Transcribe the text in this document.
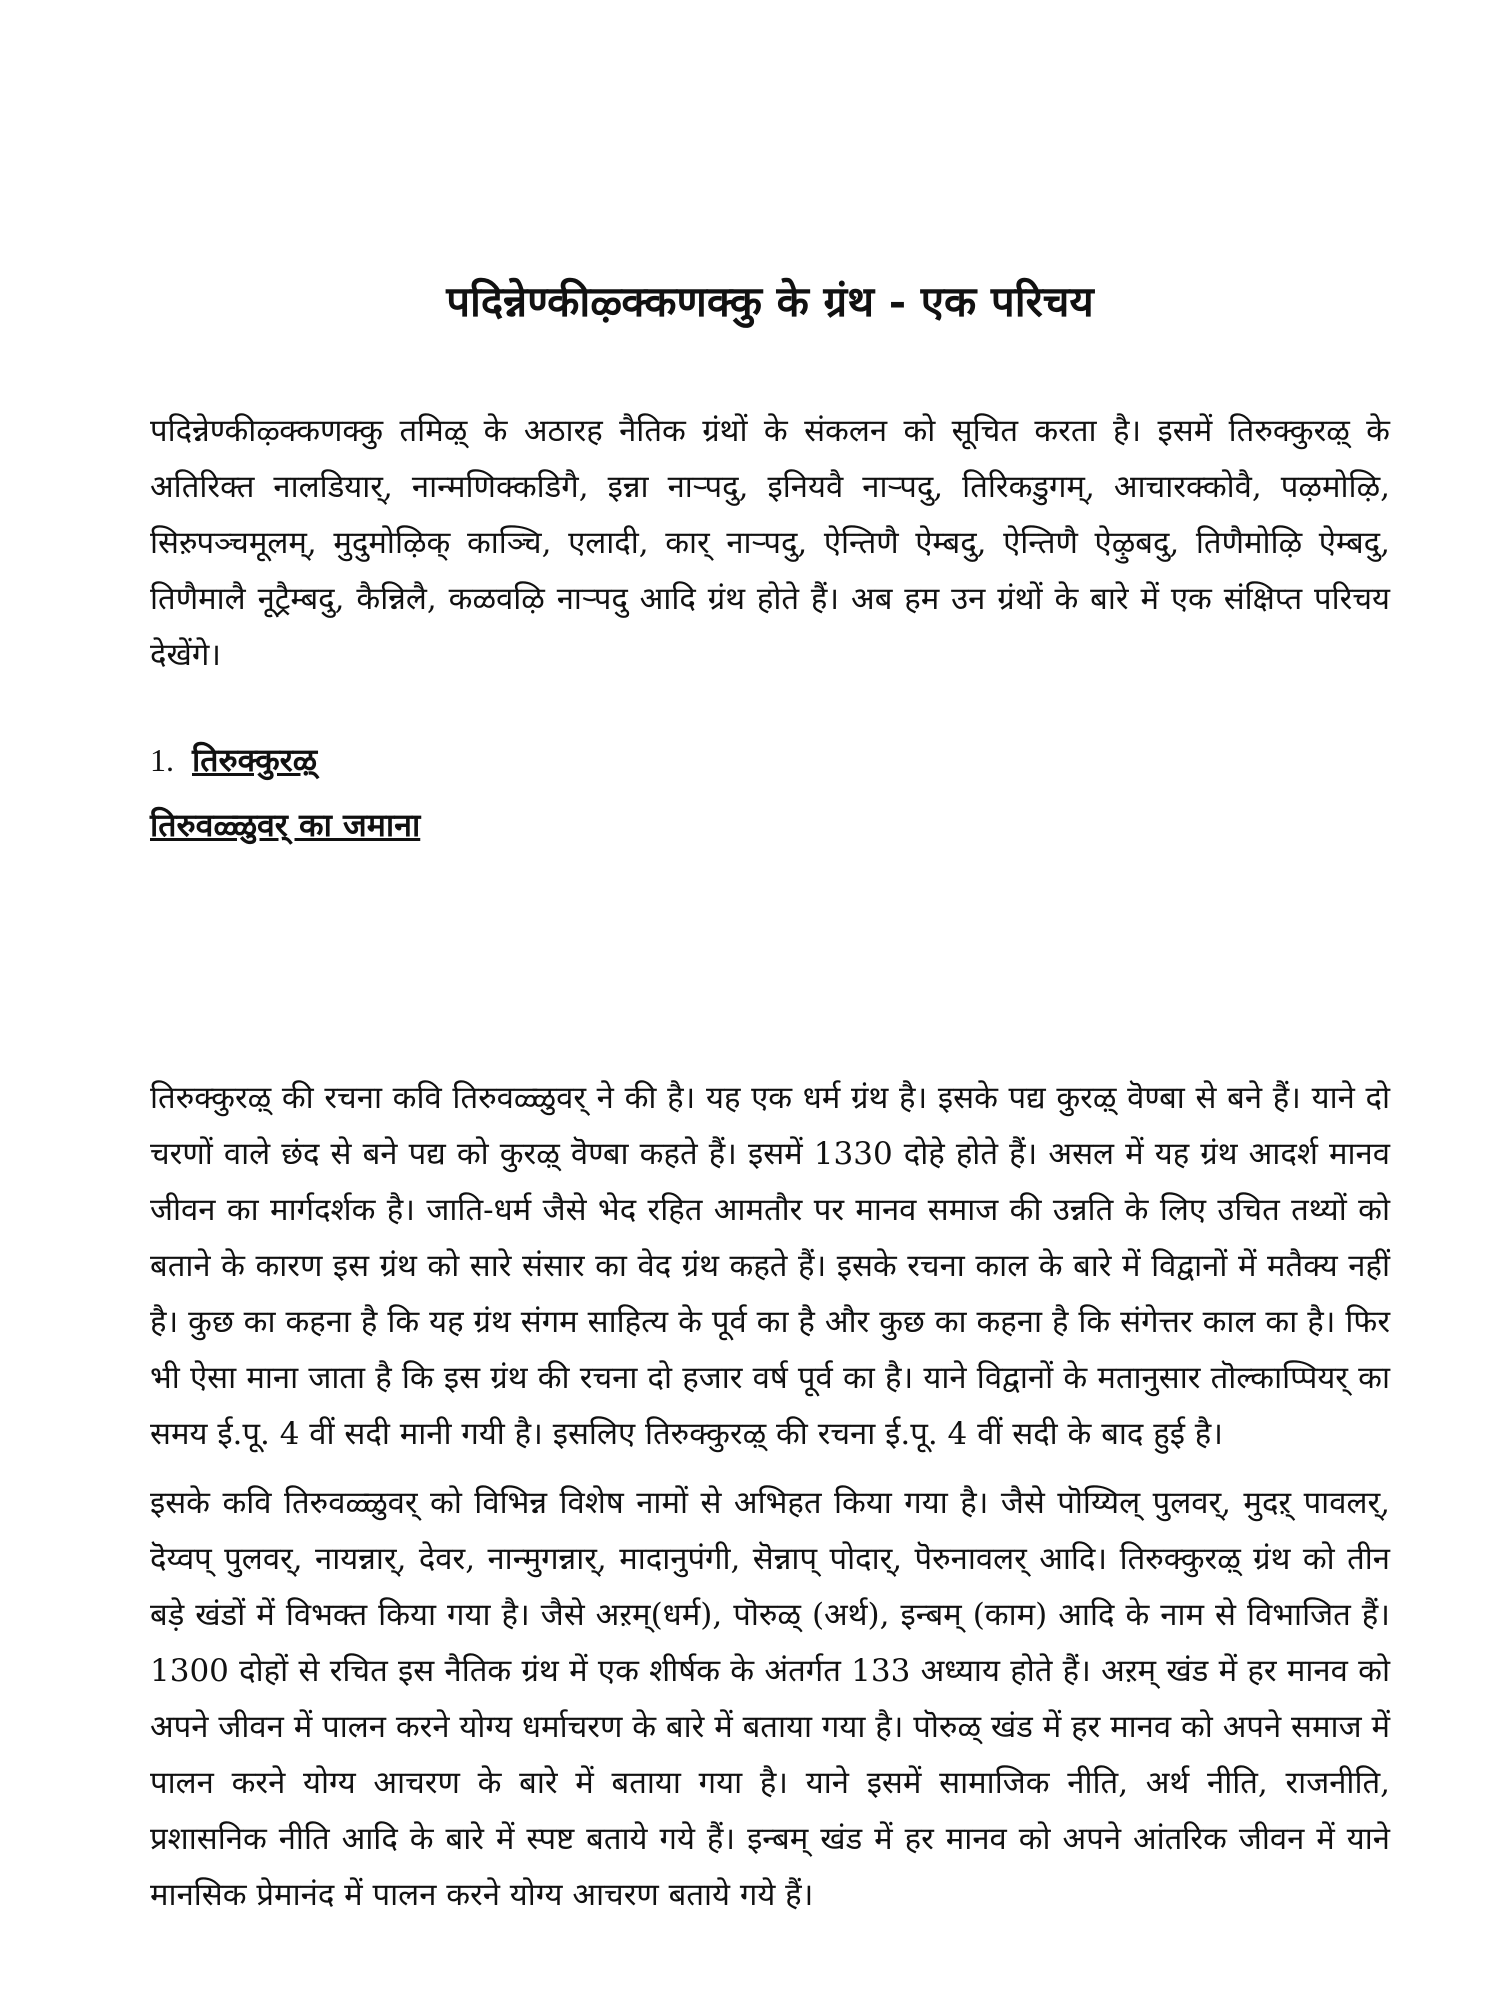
पदिन्नेण्कीऴ्क्कणक्कु के ग्रंथ - एक परिचय

पदिन्नेण्कीऴ्क्कणक्कु तमिऴ् के अठारह नैतिक ग्रंथों के संकलन को सूचित करता है। इसमें तिरुक्कुरऴ् के अतिरिक्त नालडियार्, नान्मणिक्कडिगै, इन्ना नाऱ्पदु, इनियवै नाऱ्पदु, तिरिकडुगम्, आचारक्कोवै, पऴमोऴि, सिऱुपञ्चमूलम्, मुदुमोऴिक् काञ्चि, एलादी, कार् नाऱ्पदु, ऐन्तिणै ऐम्बदु, ऐन्तिणै ऐऴुबदु, तिणैमोऴि ऐम्बदु, तिणैमालै नूट्रैम्बदु, कैन्निलै, कळवऴि नाऱ्पदु आदि ग्रंथ होते हैं। अब हम उन ग्रंथों के बारे में एक संक्षिप्त परिचय देखेंगे।

1. तिरुक्कुरऴ्
तिरुवळ्ळुवर् का जमाना

तिरुक्कुरऴ् की रचना कवि तिरुवळ्ळुवर् ने की है। यह एक धर्म ग्रंथ है। इसके पद्य कुरऴ् वॆण्बा से बने हैं। याने दो चरणों वाले छंद से बने पद्य को कुरऴ् वॆण्बा कहते हैं। इसमें 1330 दोहे होते हैं। असल में यह ग्रंथ आदर्श मानव जीवन का मार्गदर्शक है। जाति-धर्म जैसे भेद रहित आमतौर पर मानव समाज की उन्नति के लिए उचित तथ्यों को बताने के कारण इस ग्रंथ को सारे संसार का वेद ग्रंथ कहते हैं। इसके रचना काल के बारे में विद्वानों में मतैक्य नहीं है। कुछ का कहना है कि यह ग्रंथ संगम साहित्य के पूर्व का है और कुछ का कहना है कि संगेत्तर काल का है। फिर भी ऐसा माना जाता है कि इस ग्रंथ की रचना दो हजार वर्ष पूर्व का है। याने विद्वानों के मतानुसार तॊल्काप्पियर् का समय ई.पू. 4 वीं सदी मानी गयी है। इसलिए तिरुक्कुरऴ् की रचना ई.पू. 4 वीं सदी के बाद हुई है।

इसके कवि तिरुवळ्ळुवर् को विभिन्न विशेष नामों से अभिहत किया गया है। जैसे पॊय्यिल् पुलवर्, मुदऱ् पावलर्, दॆय्वप् पुलवर्, नायन्नार्, देवर, नान्मुगन्नार्, मादानुपंगी, सॆन्नाप् पोदार्, पॆरुनावलर् आदि। तिरुक्कुरऴ् ग्रंथ को तीन बड़े खंडों में विभक्त किया गया है। जैसे अऱम्(धर्म), पॊरुळ् (अर्थ), इन्बम् (काम) आदि के नाम से विभाजित हैं। 1300 दोहों से रचित इस नैतिक ग्रंथ में एक शीर्षक के अंतर्गत 133 अध्याय होते हैं। अऱम् खंड में हर मानव को अपने जीवन में पालन करने योग्य धर्माचरण के बारे में बताया गया है। पॊरुळ् खंड में हर मानव को अपने समाज में पालन करने योग्य आचरण के बारे में बताया गया है। याने इसमें सामाजिक नीति, अर्थ नीति, राजनीति, प्रशासनिक नीति आदि के बारे में स्पष्ट बताये गये हैं। इन्बम् खंड में हर मानव को अपने आंतरिक जीवन में याने मानसिक प्रेमानंद में पालन करने योग्य आचरण बताये गये हैं।
